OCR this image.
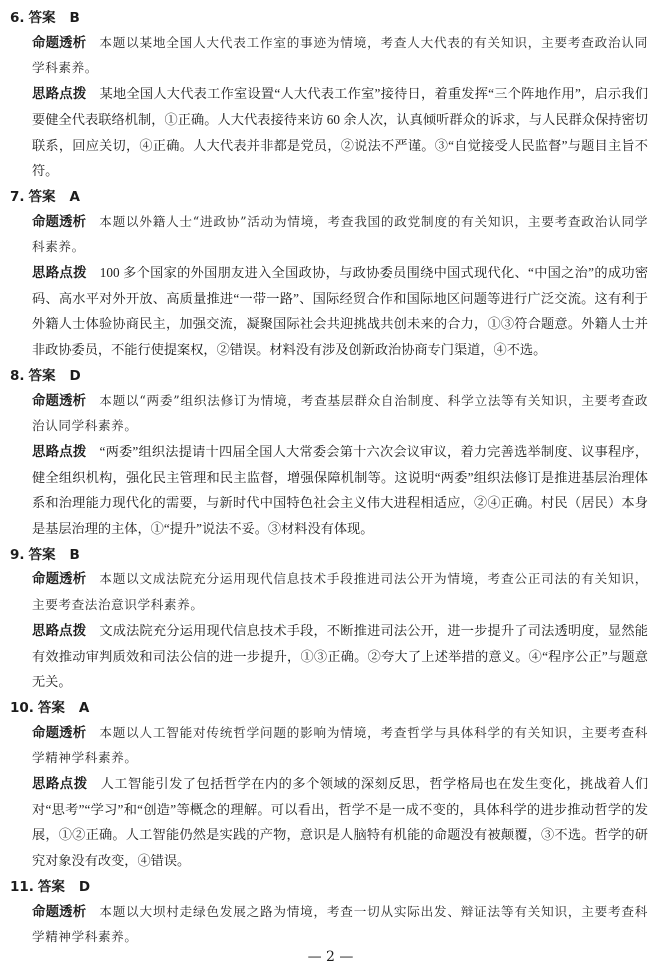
6. 答案 B

命题透析 本题以某地全国人大代表工作室的事迹为情境，考查人大代表的有关知识，主要考查政治认同学科素养。

思路点拨 某地全国人大代表工作室设置“人大代表工作室”接待日，着重发挥“三个阵地作用”，启示我们要健全代表联络机制，①正确。人大代表接待来访 60 余人次，认真倾听群众的诉求，与人民群众保持密切联系，回应关切，④正确。人大代表并非都是党员，②说法不严谨。③“自觉接受人民监督”与题目主旨不符。

7. 答案 A

命题透析 本题以外籍人士“进政协”活动为情境，考查我国的政党制度的有关知识，主要考查政治认同学科素养。

思路点拨 100 多个国家的外国朋友进入全国政协，与政协委员围绕中国式现代化、“中国之治”的成功密码、高水平对外开放、高质量推进“一带一路”、国际经贸合作和国际地区问题等进行广泛交流。这有利于外籍人士体验协商民主，加强交流，凝聚国际社会共迎挑战共创未来的合力，①③符合题意。外籍人士并非政协委员，不能行使提案权，②错误。材料没有涉及创新政治协商专门渠道，④不选。

8. 答案 D

命题透析 本题以“两委”组织法修订为情境，考查基层群众自治制度、科学立法等有关知识，主要考查政治认同学科素养。

思路点拨 “两委”组织法提请十四届全国人大常委会第十六次会议审议，着力完善选举制度、议事程序，健全组织机构，强化民主管理和民主监督，增强保障机制等。这说明“两委”组织法修订是推进基层治理体系和治理能力现代化的需要，与新时代中国特色社会主义伟大进程相适应，②④正确。村民（居民）本身是基层治理的主体，①“提升”说法不妥。③材料没有体现。

9. 答案 B

命题透析 本题以文成法院充分运用现代信息技术手段推进司法公开为情境，考查公正司法的有关知识，主要考查法治意识学科素养。

思路点拨 文成法院充分运用现代信息技术手段，不断推进司法公开，进一步提升了司法透明度，显然能有效推动审判质效和司法公信的进一步提升，①③正确。②夸大了上述举措的意义。④“程序公正”与题意无关。

10. 答案 A

命题透析 本题以人工智能对传统哲学问题的影响为情境，考查哲学与具体科学的有关知识，主要考查科学精神学科素养。

思路点拨 人工智能引发了包括哲学在内的多个领域的深刻反思，哲学格局也在发生变化，挑战着人们对“思考”“学习”和“创造”等概念的理解。可以看出，哲学不是一成不变的，具体科学的进步推动哲学的发展，①②正确。人工智能仍然是实践的产物，意识是人脑特有机能的命题没有被颠覆，③不选。哲学的研究对象没有改变，④错误。

11. 答案 D

命题透析 本题以大坝村走绿色发展之路为情境，考查一切从实际出发、辩证法等有关知识，主要考查科学精神学科素养。

— 2 —
